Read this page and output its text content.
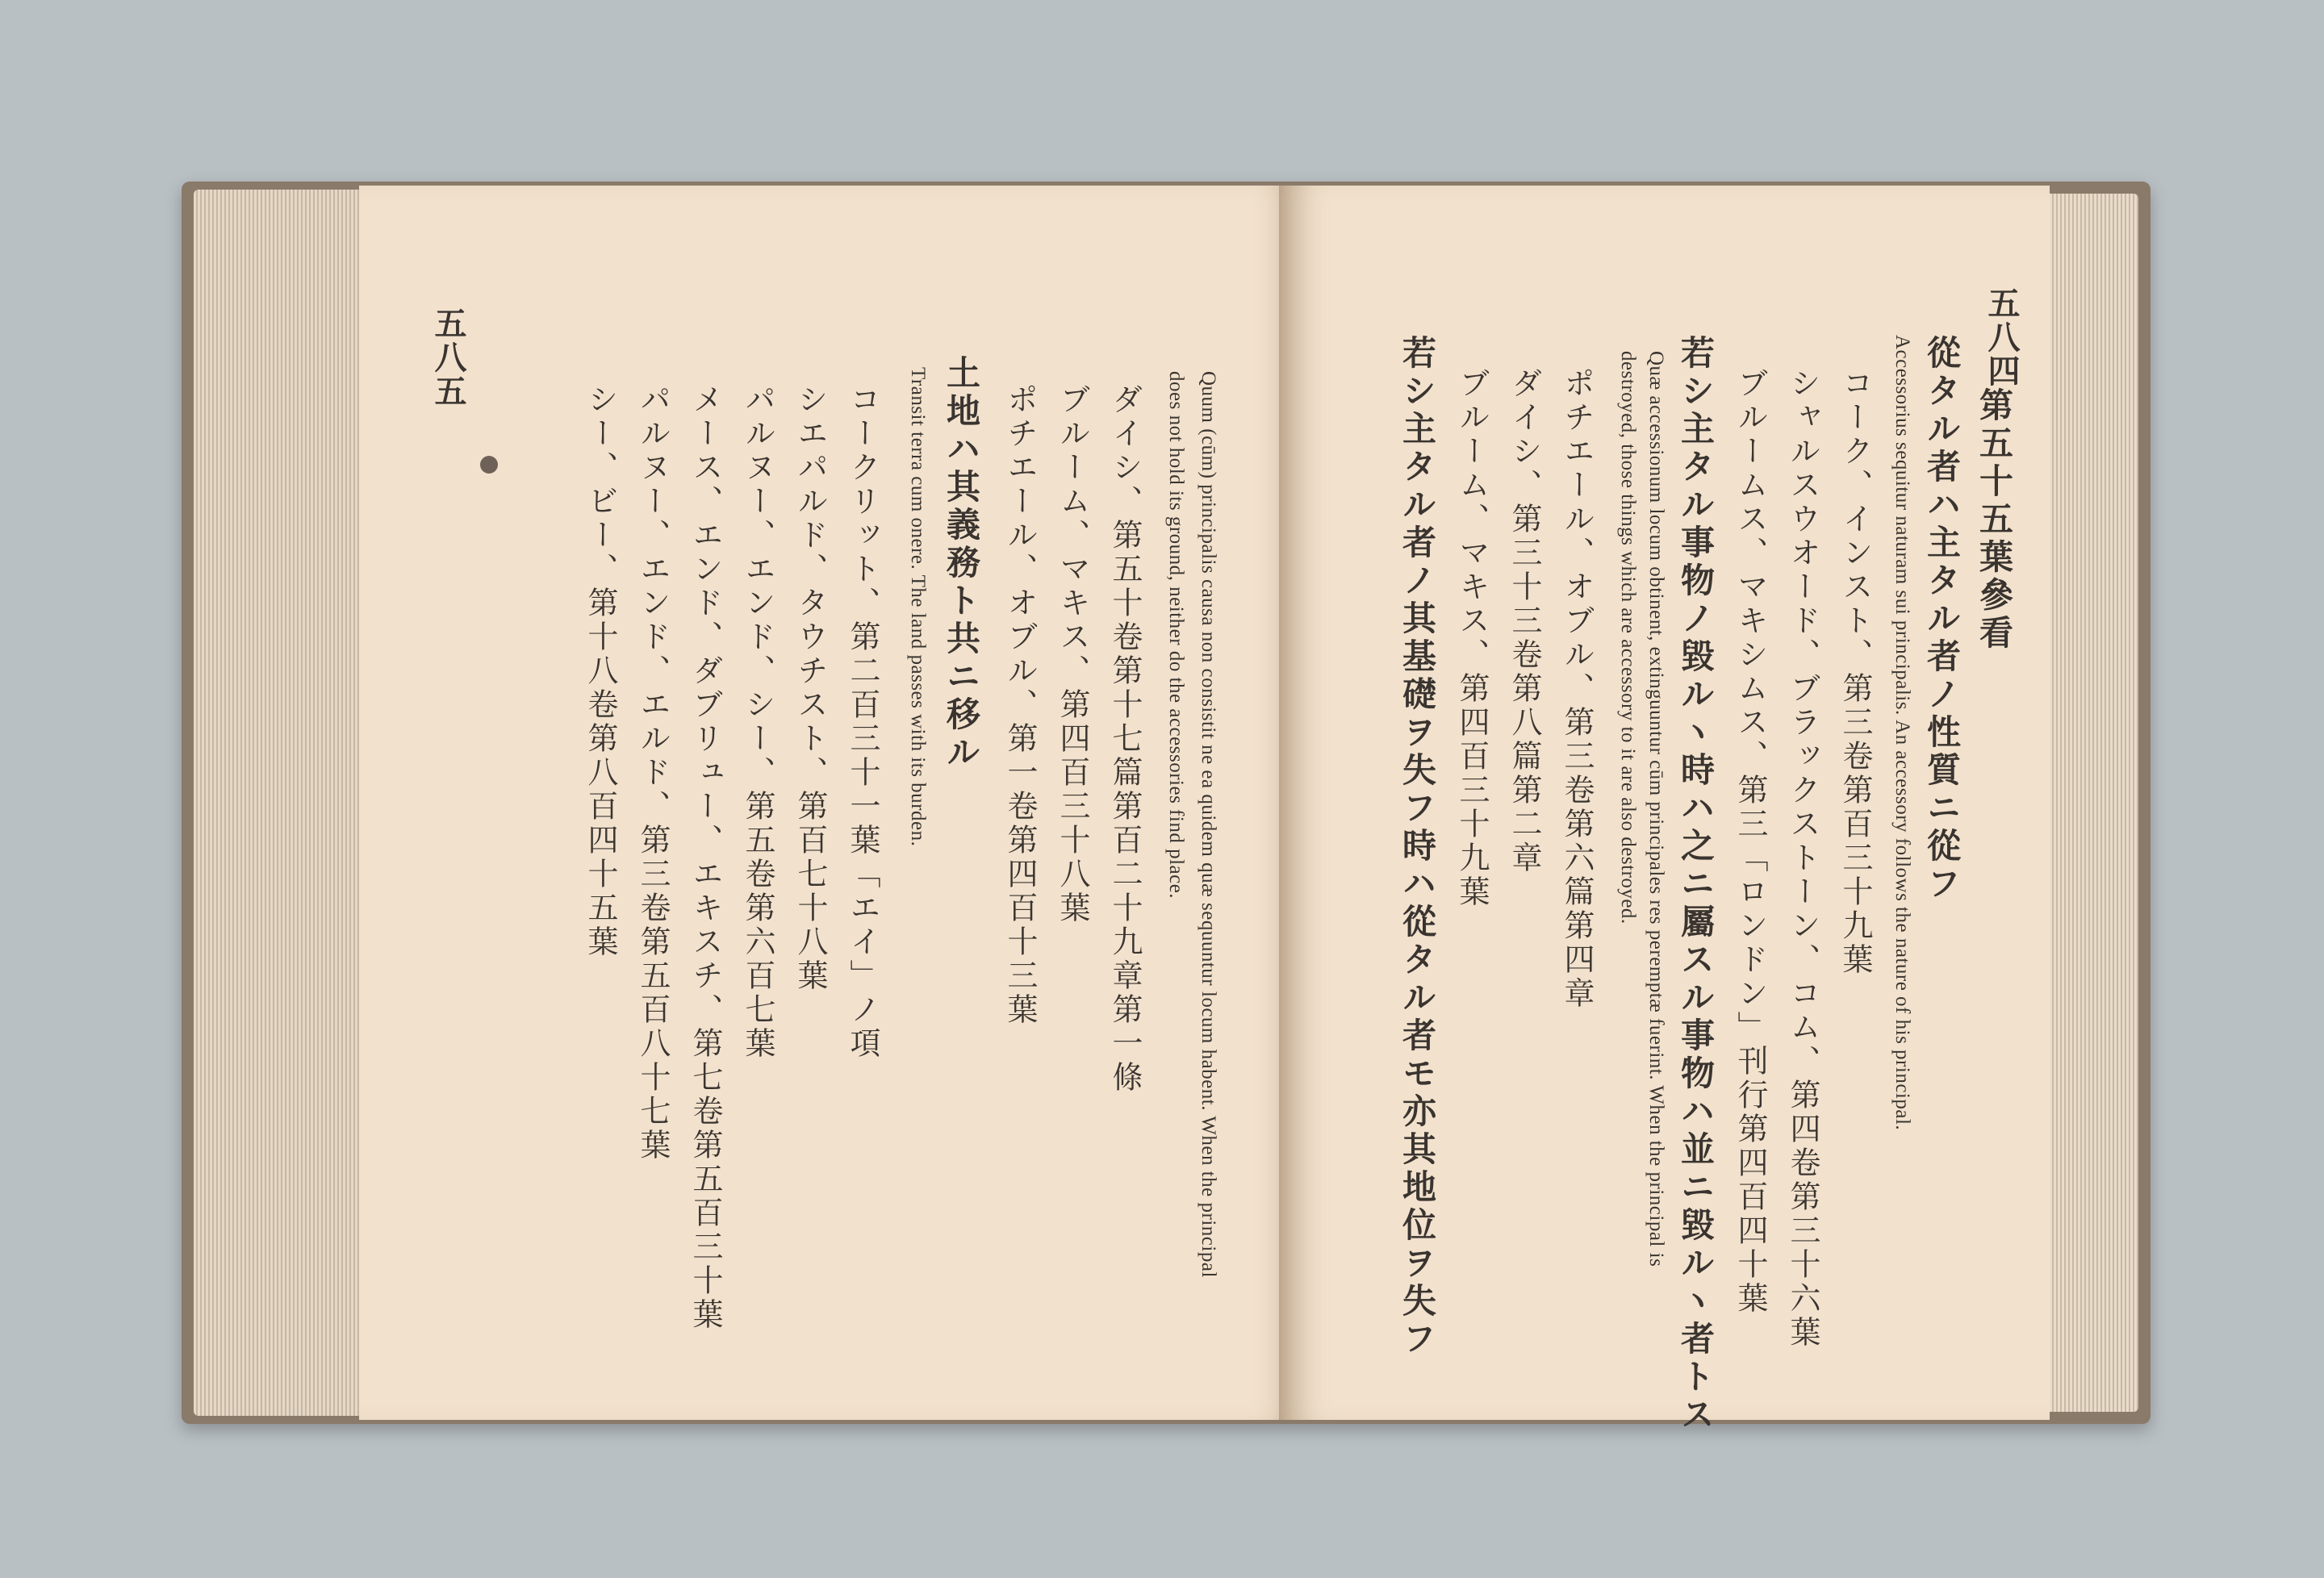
五八五
Quum (cūm) principalis causa non consistit ne ea quidem quæ sequuntur locum habent. When the principal
does not hold its ground, neither do the accessories find place.
ダイシ、第五十卷第十七篇第百二十九章第一條
ブルーム、マキス、第四百三十八葉
ポチエール、オブル、第一卷第四百十三葉
土地ハ其義務ト共ニ移ル
Transit terra cum onere. The land passes with its burden.
コークリット、第二百三十一葉「エイ」ノ項
シエパルド、タウチスト、第百七十八葉
パルヌー、エンド、シー、第五卷第六百七葉
メース、エンド、ダブリュー、エキスチ、第七卷第五百三十葉
パルヌー、エンド、エルド、第三卷第五百八十七葉
シー、ビー、第十八卷第八百四十五葉
五八四
第五十五葉參看
從タル者ハ主タル者ノ性質ニ從フ
Accessorius sequitur naturam sui principalis. An accessory follows the nature of his principal.
コーク、インスト、第三卷第百三十九葉
シャルスウオード、ブラックストーン、コム、第四卷第三十六葉
ブルームス、マキシムス、第三「ロンドン」刊行第四百四十葉
若シ主タル事物ノ毀ルヽ時ハ之ニ屬スル事物ハ並ニ毀ルヽ者トス
Quæ accessionum locum obtinent, extinguuntur cūm principales res peremptæ fuerint. When the principal is
destroyed, those things which are accessory to it are also destroyed.
ポチエール、オブル、第三卷第六篇第四章
ダイシ、第三十三卷第八篇第二章
ブルーム、マキス、第四百三十九葉
若シ主タル者ノ其基礎ヲ失フ時ハ從タル者モ亦其地位ヲ失フ
